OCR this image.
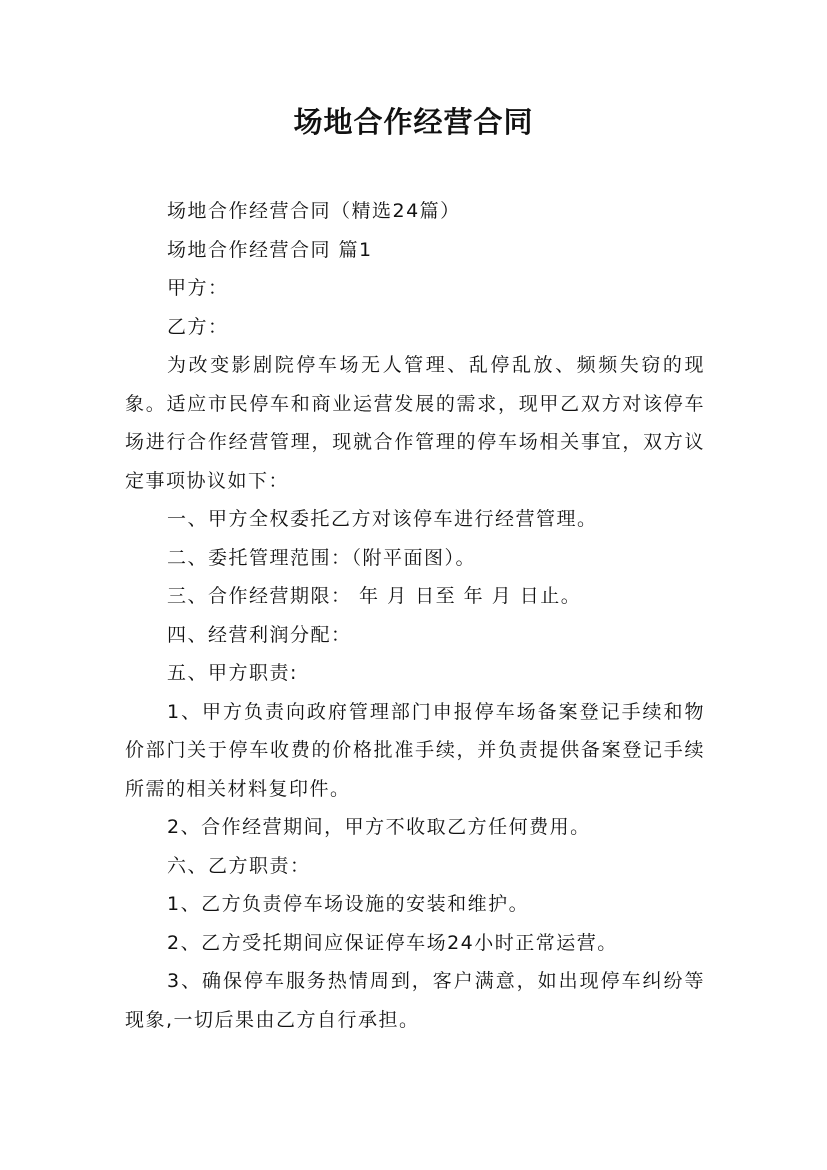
场地合作经营合同

场地合作经营合同（精选24篇）

场地合作经营合同 篇1

甲方：

乙方：

为改变影剧院停车场无人管理、乱停乱放、频频失窃的现象。适应市民停车和商业运营发展的需求，现甲乙双方对该停车场进行合作经营管理，现就合作管理的停车场相关事宜，双方议定事项协议如下：

一、甲方全权委托乙方对该停车进行经营管理。

二、委托管理范围：（附平面图）。

三、合作经营期限： 年 月 日至 年 月 日止。

四、经营利润分配：

五、甲方职责:

1、甲方负责向政府管理部门申报停车场备案登记手续和物价部门关于停车收费的价格批准手续，并负责提供备案登记手续所需的相关材料复印件。

2、合作经营期间，甲方不收取乙方任何费用。

六、乙方职责：

1、乙方负责停车场设施的安装和维护。

2、乙方受托期间应保证停车场24小时正常运营。

3、确保停车服务热情周到，客户满意，如出现停车纠纷等现象,一切后果由乙方自行承担。
